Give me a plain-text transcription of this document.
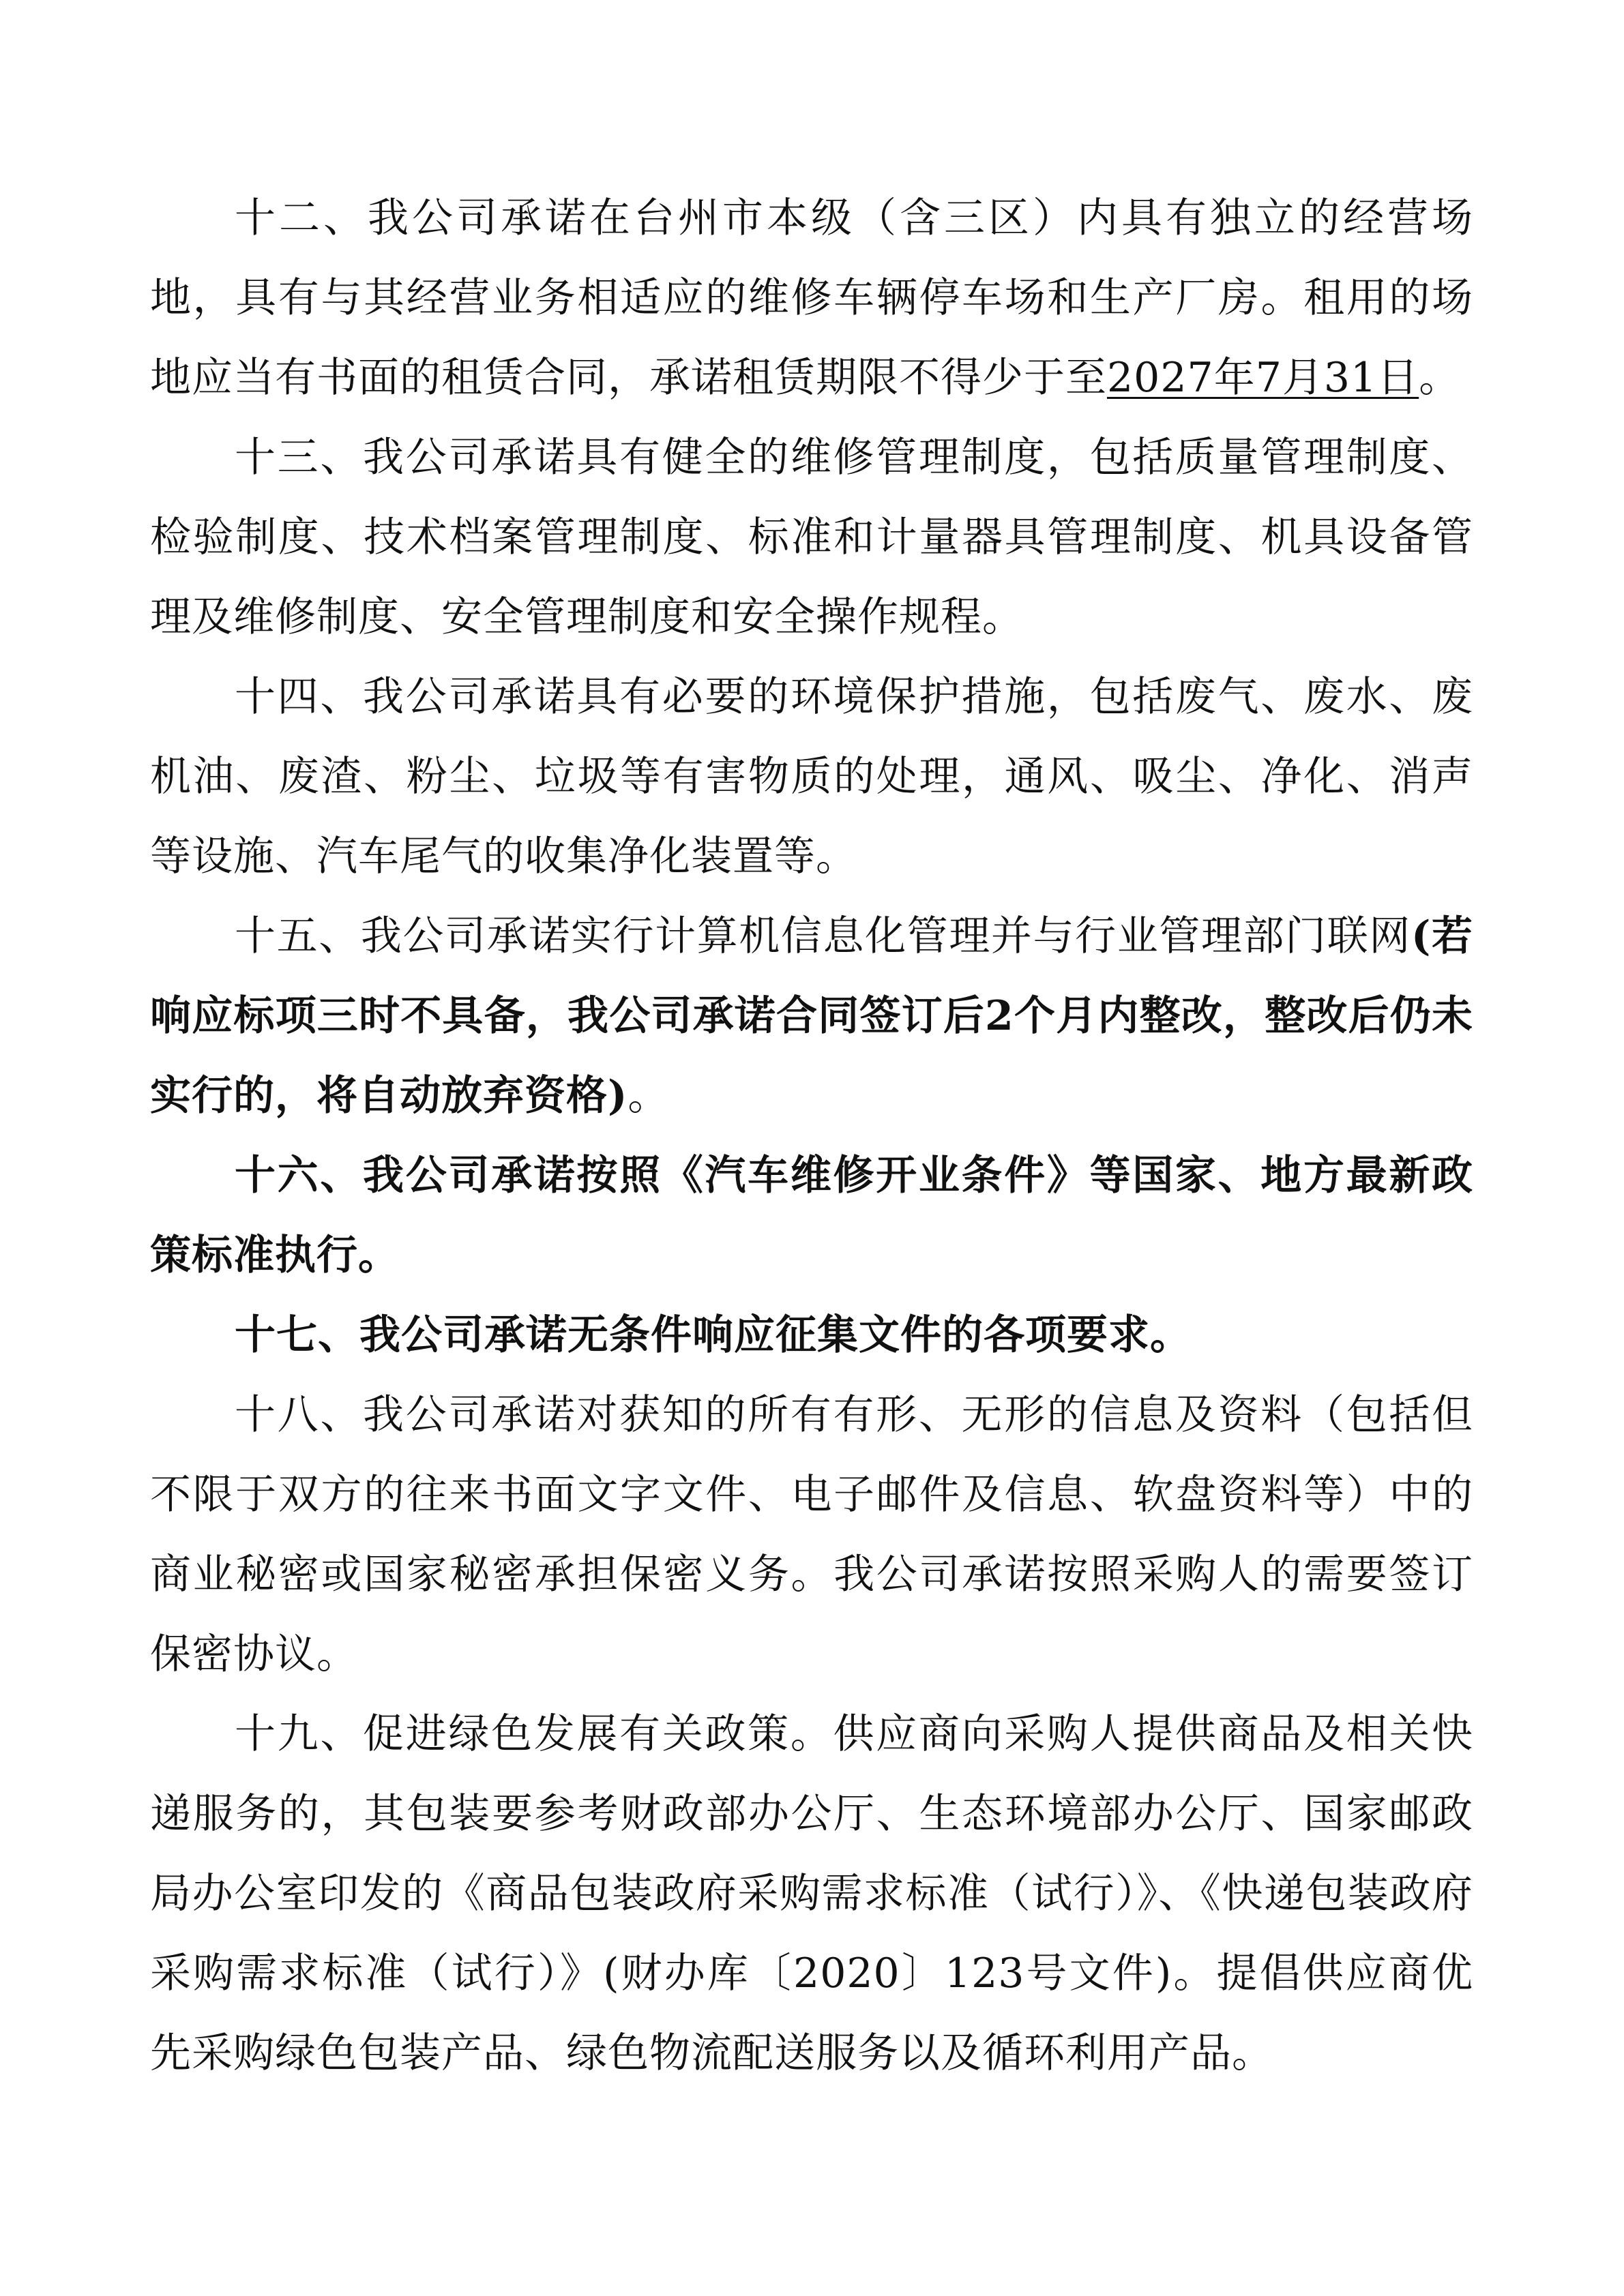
十二、我公司承诺在台州市本级（含三区）内具有独立的经营场地，具有与其经营业务相适应的维修车辆停车场和生产厂房。租用的场地应当有书面的租赁合同，承诺租赁期限不得少于至2027年7月31日。

十三、我公司承诺具有健全的维修管理制度，包括质量管理制度、检验制度、技术档案管理制度、标准和计量器具管理制度、机具设备管理及维修制度、安全管理制度和安全操作规程。

十四、我公司承诺具有必要的环境保护措施，包括废气、废水、废机油、废渣、粉尘、垃圾等有害物质的处理，通风、吸尘、净化、消声等设施、汽车尾气的收集净化装置等。

十五、我公司承诺实行计算机信息化管理并与行业管理部门联网(若响应标项三时不具备，我公司承诺合同签订后2个月内整改，整改后仍未实行的，将自动放弃资格)。

十六、我公司承诺按照《汽车维修开业条件》等国家、地方最新政策标准执行。

十七、我公司承诺无条件响应征集文件的各项要求。

十八、我公司承诺对获知的所有有形、无形的信息及资料（包括但不限于双方的往来书面文字文件、电子邮件及信息、软盘资料等）中的商业秘密或国家秘密承担保密义务。我公司承诺按照采购人的需要签订保密协议。

十九、促进绿色发展有关政策。供应商向采购人提供商品及相关快递服务的，其包装要参考财政部办公厅、生态环境部办公厅、国家邮政局办公室印发的《商品包装政府采购需求标准（试行）》、《快递包装政府采购需求标准（试行）》(财办库〔2020〕123号文件)。提倡供应商优先采购绿色包装产品、绿色物流配送服务以及循环利用产品。
